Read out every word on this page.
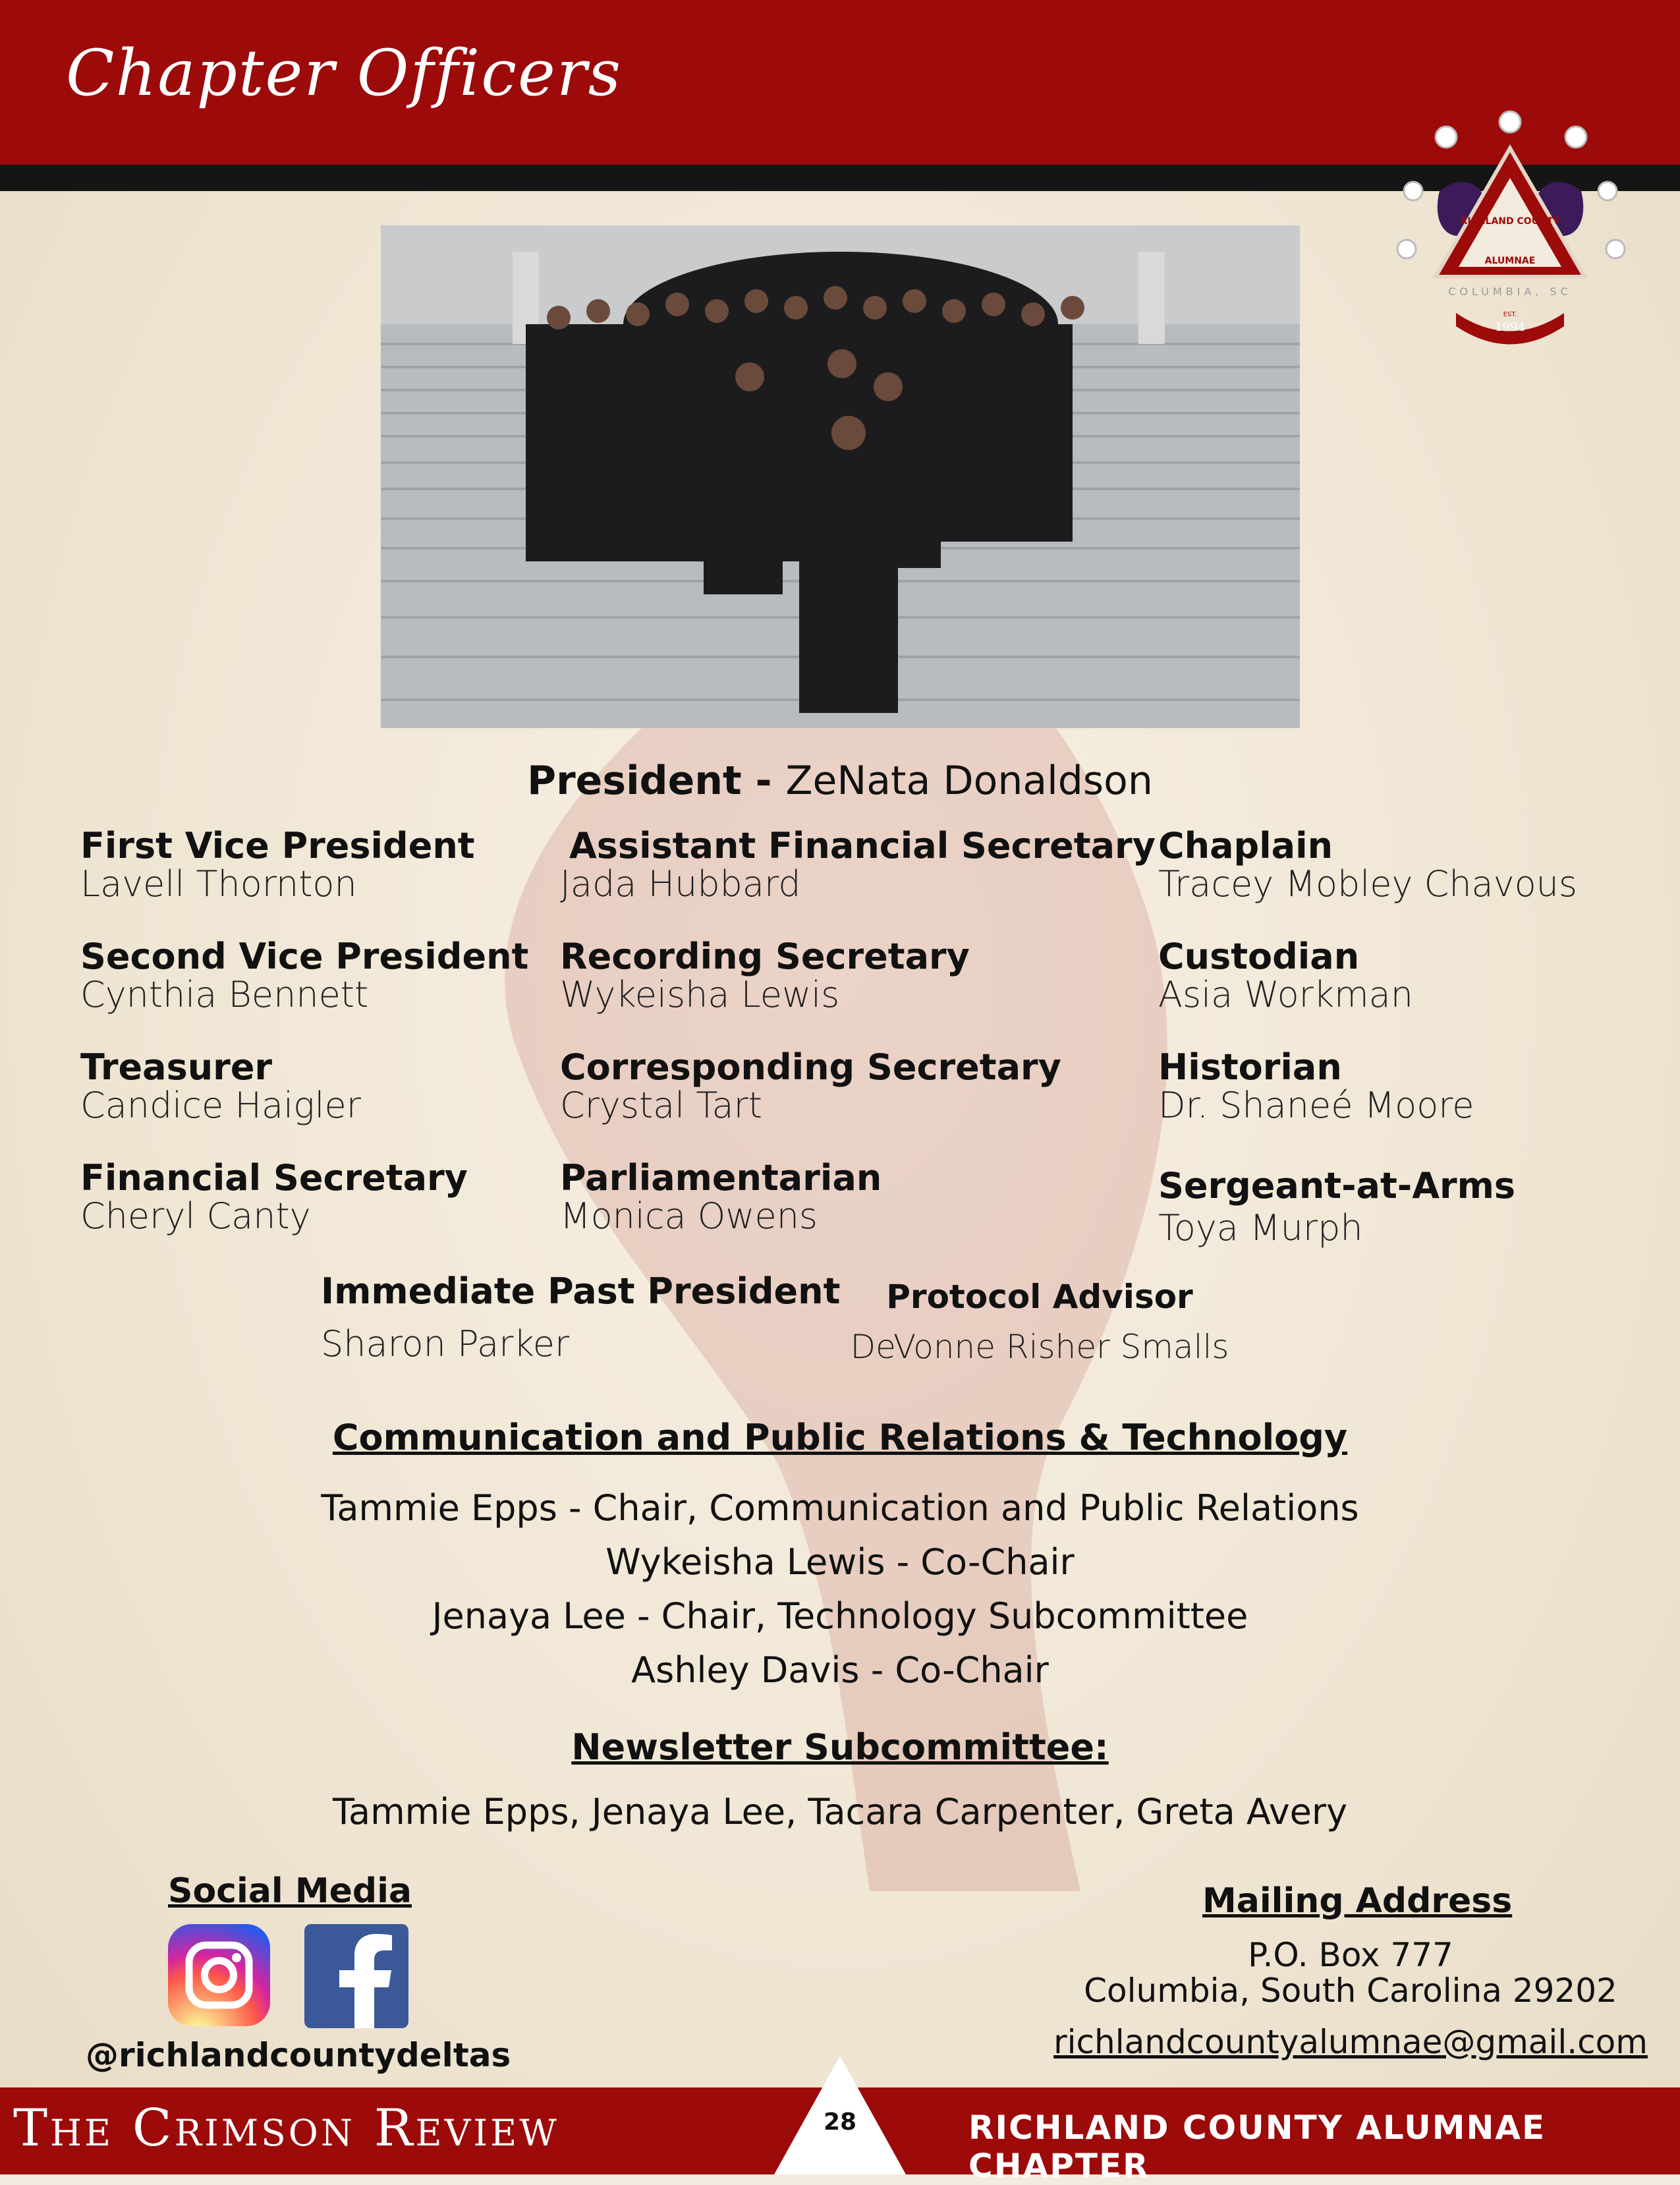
Chapter Officers
COLUMBIA, SC
1994
EST.
ALUMNAE
RICHLAND COUNTY
President - ZeNata Donaldson
First Vice President
Lavell Thornton
Second Vice President
Cynthia Bennett
Treasurer
Candice Haigler
Financial Secretary
Cheryl Canty
Assistant Financial Secretary
Jada Hubbard
Recording Secretary
Wykeisha Lewis
Corresponding Secretary
Crystal Tart
Parliamentarian
Monica Owens
Chaplain
Tracey Mobley Chavous
Custodian
Asia Workman
Historian
Dr. Shaneé Moore
Sergeant-at-Arms
Toya Murph
Immediate Past President
Sharon Parker
Protocol Advisor
DeVonne Risher Smalls
Communication and Public Relations & Technology
Tammie Epps - Chair, Communication and Public Relations
Wykeisha Lewis - Co-Chair
Jenaya Lee - Chair, Technology Subcommittee
Ashley Davis - Co-Chair
Newsletter Subcommittee:
Tammie Epps, Jenaya Lee, Tacara Carpenter, Greta Avery
Social Media
@richlandcountydeltas
Mailing Address
P.O. Box 777
Columbia, South Carolina 29202
richlandcountyalumnae@gmail.com
The Crimson Review	28	RICHLAND COUNTY ALUMNAE CHAPTER
